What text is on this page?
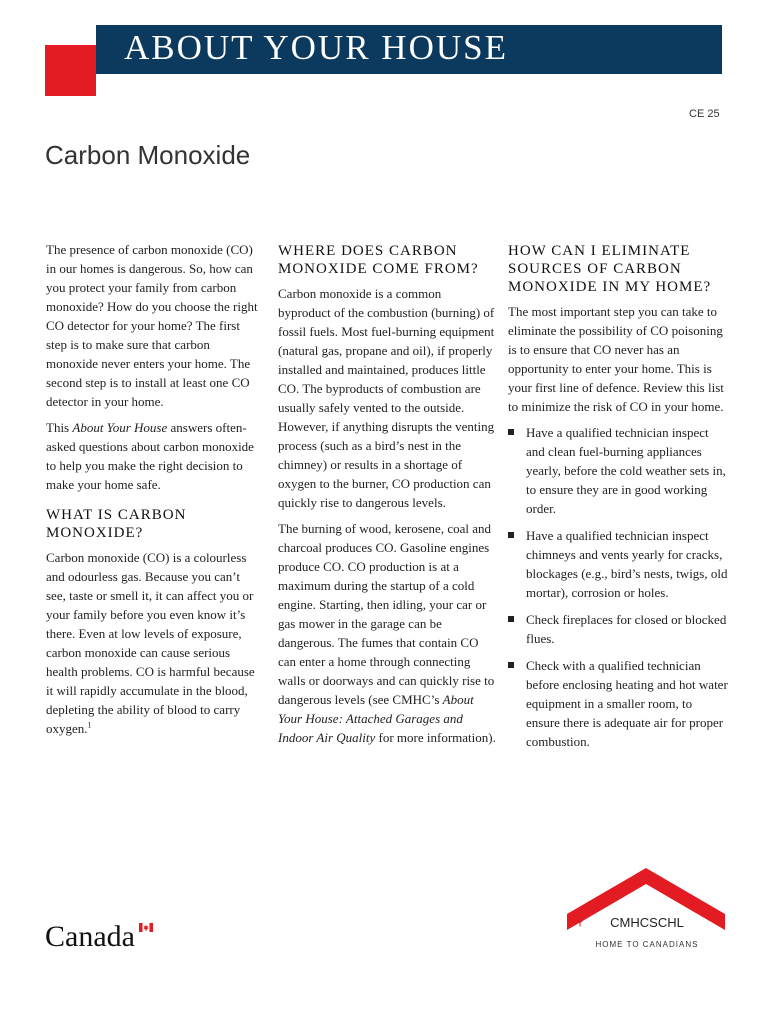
ABOUT YOUR HOUSE
CE 25
Carbon Monoxide

The presence of carbon monoxide (CO) in our homes is dangerous. So, how can you protect your family from carbon monoxide? How do you choose the right CO detector for your home? The first step is to make sure that carbon monoxide never enters your home. The second step is to install at least one CO detector in your home.

This About Your House answers often-asked questions about carbon monoxide to help you make the right decision to make your home safe.

WHAT IS CARBON MONOXIDE?

Carbon monoxide (CO) is a colourless and odourless gas. Because you can’t see, taste or smell it, it can affect you or your family before you even know it’s there. Even at low levels of exposure, carbon monoxide can cause serious health problems. CO is harmful because it will rapidly accumulate in the blood, depleting the ability of blood to carry oxygen.$^1$

WHERE DOES CARBON MONOXIDE COME FROM?

Carbon monoxide is a common byproduct of the combustion (burning) of fossil fuels. Most fuel-burning equipment (natural gas, propane and oil), if properly installed and maintained, produces little CO. The byproducts of combustion are usually safely vented to the outside. However, if anything disrupts the venting process (such as a bird’s nest in the chimney) or results in a shortage of oxygen to the burner, CO production can quickly rise to dangerous levels.

The burning of wood, kerosene, coal and charcoal produces CO. Gasoline engines produce CO. CO production is at a maximum during the startup of a cold engine. Starting, then idling, your car or gas mower in the garage can be dangerous. The fumes that contain CO can enter a home through connecting walls or doorways and can quickly rise to dangerous levels (see CMHC’s About Your House: Attached Garages and Indoor Air Quality for more information).

HOW CAN I ELIMINATE SOURCES OF CARBON MONOXIDE IN MY HOME?

The most important step you can take to eliminate the possibility of CO poisoning is to ensure that CO never has an opportunity to enter your home. This is your first line of defence. Review this list to minimize the risk of CO in your home.

Have a qualified technician inspect and clean fuel-burning appliances yearly, before the cold weather sets in, to ensure they are in good working order.
Have a qualified technician inspect chimneys and vents yearly for cracks, blockages (e.g., bird’s nests, twigs, old mortar), corrosion or holes.
Check fireplaces for closed or blocked flues.
Check with a qualified technician before enclosing heating and hot water equipment in a smaller room, to ensure there is adequate air for proper combustion.
Canada	CMHC
SCHL
HOME TO CANADIANS
